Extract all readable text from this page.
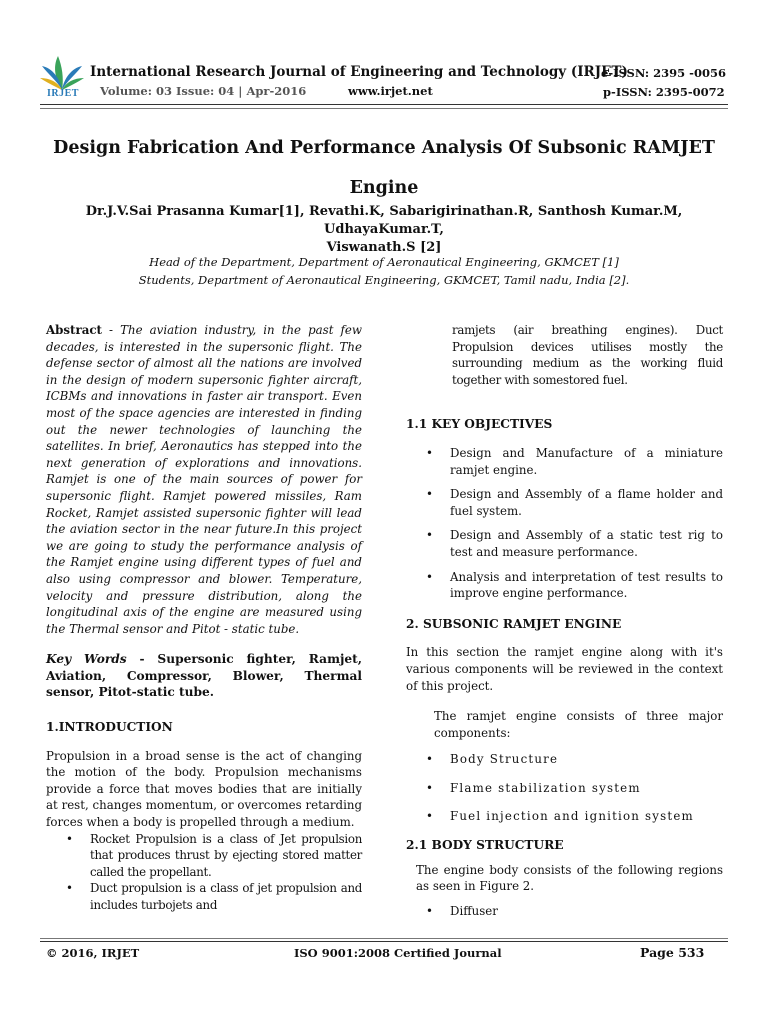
IRJET
International Research Journal of Engineering and Technology (IRJET)
Volume: 03 Issue: 04 | Apr-2016	www.irjet.net
e-ISSN: 2395 -0056
p-ISSN: 2395-0072
Design Fabrication And Performance Analysis Of Subsonic RAMJET
Engine
Dr.J.V.Sai Prasanna Kumar[1], Revathi.K, Sabarigirinathan.R, Santhosh Kumar.M, UdhayaKumar.T,
Viswanath.S [2]
Head of the Department, Department of Aeronautical Engineering, GKMCET [1]
Students, Department of Aeronautical Engineering, GKMCET, Tamil nadu, India [2].

Abstract - The aviation industry, in the past few decades, is interested in the supersonic flight. The defense sector of almost all the nations are involved in the design of modern supersonic fighter aircraft, ICBMs and innovations in faster air transport. Even most of the space agencies are interested in finding out the newer technologies of launching the satellites. In brief, Aeronautics has stepped into the next generation of explorations and innovations. Ramjet is one of the main sources of power for supersonic flight. Ramjet powered missiles, Ram Rocket, Ramjet assisted supersonic fighter will lead the aviation sector in the near future.In this project we are going to study the performance analysis of the Ramjet engine using different types of fuel and also using compressor and blower. Temperature, velocity and pressure distribution, along the longitudinal axis of the engine are measured using the Thermal sensor and Pitot - static tube.

Key Words - Supersonic fighter, Ramjet, Aviation, Compressor, Blower, Thermal sensor, Pitot-static tube.

1.INTRODUCTION

Propulsion in a broad sense is the act of changing the motion of the body. Propulsion mechanisms provide a force that moves bodies that are initially at rest, changes momentum, or overcomes retarding forces when a body is propelled through a medium.

• Rocket Propulsion is a class of Jet propulsion that produces thrust by ejecting stored matter called the propellant.
• Duct propulsion is a class of jet propulsion and includes turbojets and

ramjets (air breathing engines). Duct Propulsion devices utilises mostly the surrounding medium as the working fluid together with somestored fuel.

1.1 KEY OBJECTIVES
• Design and Manufacture of a miniature ramjet engine.
• Design and Assembly of a flame holder and fuel system.
• Design and Assembly of a static test rig to test and measure performance.
• Analysis and interpretation of test results to improve engine performance.
2. SUBSONIC RAMJET ENGINE

In this section the ramjet engine along with it's various components will be reviewed in the context of this project.

The ramjet engine consists of three major components:

• Body Structure
• Flame stabilization system
• Fuel injection and ignition system
2.1 BODY STRUCTURE

The engine body consists of the following regions as seen in Figure 2.

• Diffuser
© 2016, IRJET	ISO 9001:2008 Certified Journal	Page 533
